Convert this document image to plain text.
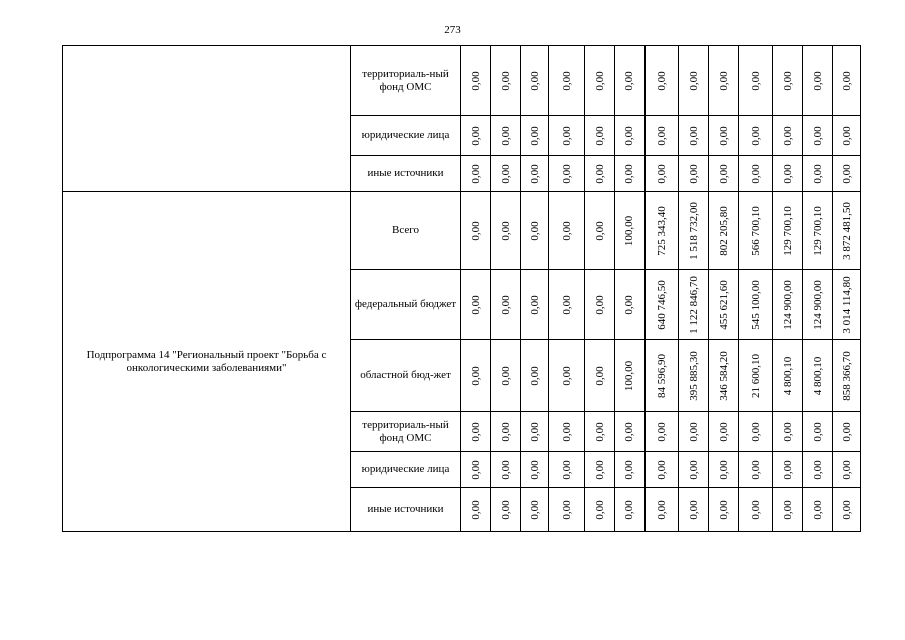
273
	территориаль-ный фонд ОМС	0,00	0,00	0,00	0,00	0,00	0,00	0,00	0,00	0,00	0,00	0,00	0,00	0,00

	юридические лица	0,00	0,00	0,00	0,00	0,00	0,00	0,00	0,00	0,00	0,00	0,00	0,00	0,00

	иные источники	0,00	0,00	0,00	0,00	0,00	0,00	0,00	0,00	0,00	0,00	0,00	0,00	0,00

Подпрограмма 14 "Региональный проект "Борьба с онкологическими заболеваниями"	Всего	0,00	0,00	0,00	0,00	0,00	100,00	725 343,40	1 518 732,00	802 205,80	566 700,10	129 700,10	129 700,10	3 872 481,50

	федеральный бюджет	0,00	0,00	0,00	0,00	0,00	0,00	640 746,50	1 122 846,70	455 621,60	545 100,00	124 900,00	124 900,00	3 014 114,80

	областной бюд-жет	0,00	0,00	0,00	0,00	0,00	100,00	84 596,90	395 885,30	346 584,20	21 600,10	4 800,10	4 800,10	858 366,70

	территориаль-ный фонд ОМС	0,00	0,00	0,00	0,00	0,00	0,00	0,00	0,00	0,00	0,00	0,00	0,00	0,00

	юридические лица	0,00	0,00	0,00	0,00	0,00	0,00	0,00	0,00	0,00	0,00	0,00	0,00	0,00

	иные источники	0,00	0,00	0,00	0,00	0,00	0,00	0,00	0,00	0,00	0,00	0,00	0,00	0,00
